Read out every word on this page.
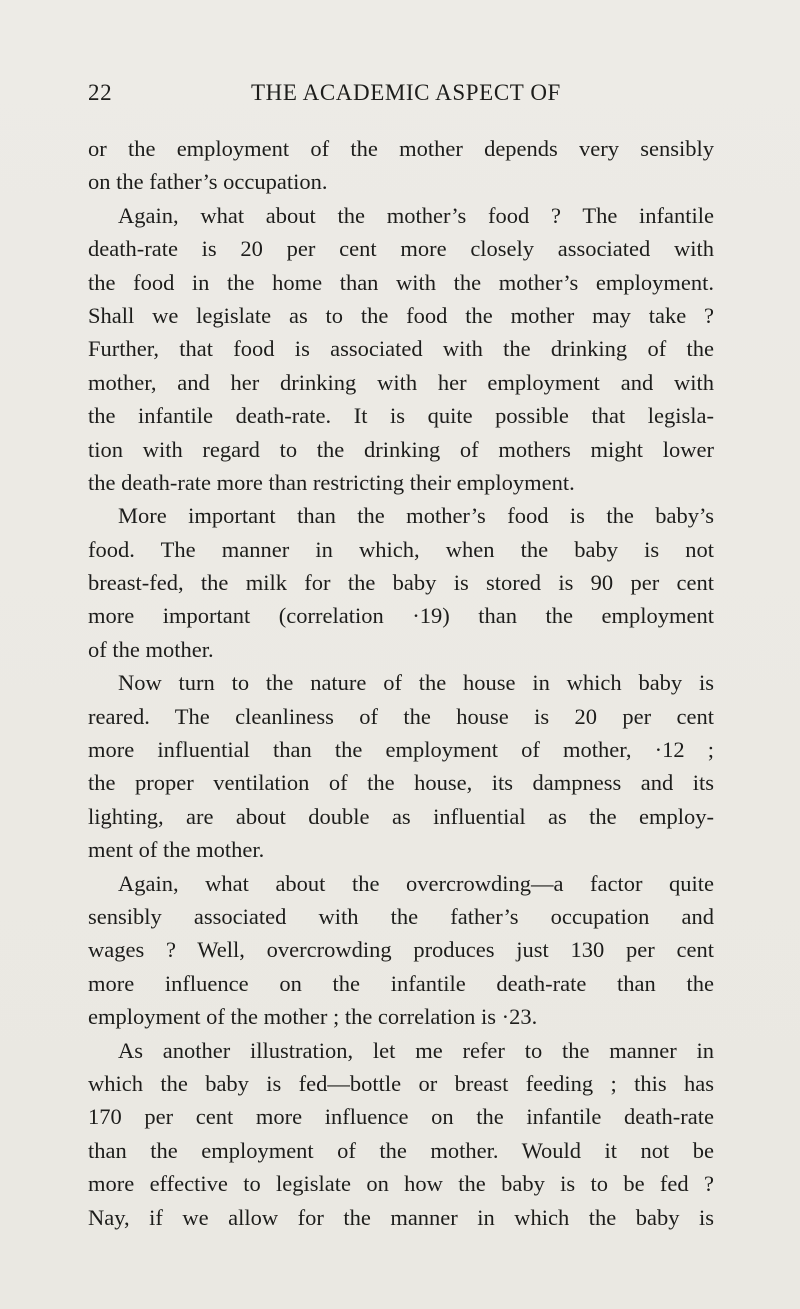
22	THE ACADEMIC ASPECT OF
or the employment of the mother depends very sensibly
on the father’s occupation.
Again, what about the mother’s food ? The infantile
death-rate is 20 per cent more closely associated with
the food in the home than with the mother’s employment.
Shall we legislate as to the food the mother may take ?
Further, that food is associated with the drinking of the
mother, and her drinking with her employment and with
the infantile death-rate. It is quite possible that legisla-
tion with regard to the drinking of mothers might lower
the death-rate more than restricting their employment.
More important than the mother’s food is the baby’s
food. The manner in which, when the baby is not
breast-fed, the milk for the baby is stored is 90 per cent
more important (correlation ·19) than the employment
of the mother.
Now turn to the nature of the house in which baby is
reared. The cleanliness of the house is 20 per cent
more influential than the employment of mother, ·12 ;
the proper ventilation of the house, its dampness and its
lighting, are about double as influential as the employ-
ment of the mother.
Again, what about the overcrowding—a factor quite
sensibly associated with the father’s occupation and
wages ? Well, overcrowding produces just 130 per cent
more influence on the infantile death-rate than the
employment of the mother ; the correlation is ·23.
As another illustration, let me refer to the manner in
which the baby is fed—bottle or breast feeding ; this has
170 per cent more influence on the infantile death-rate
than the employment of the mother. Would it not be
more effective to legislate on how the baby is to be fed ?
Nay, if we allow for the manner in which the baby is
